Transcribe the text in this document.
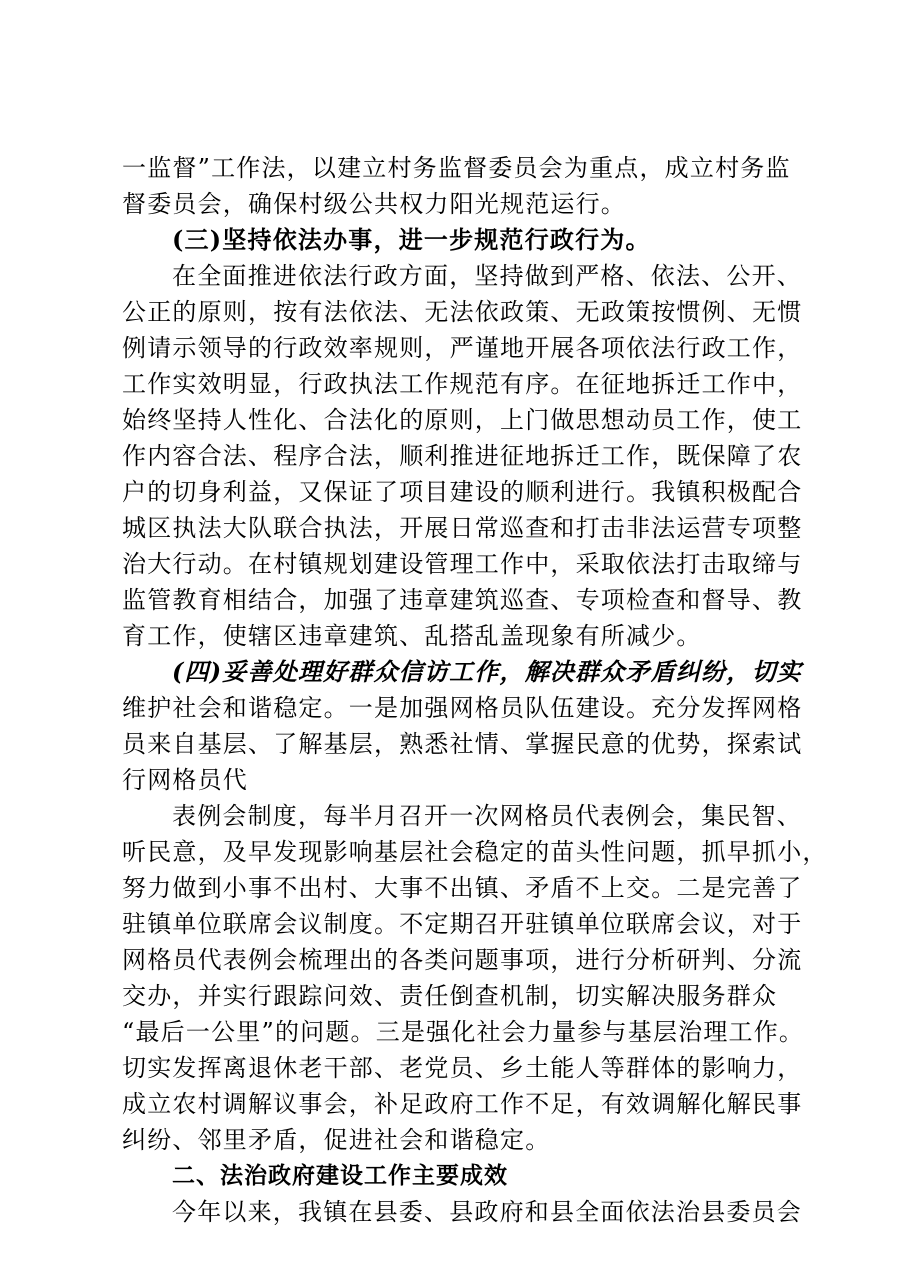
一监督”工作法，以建立村务监督委员会为重点，成立村务监
督委员会，确保村级公共权力阳光规范运行。
(三)坚持依法办事，进一步规范行政行为。
在全面推进依法行政方面，坚持做到严格、依法、公开、
公正的原则，按有法依法、无法依政策、无政策按惯例、无惯
例请示领导的行政效率规则，严谨地开展各项依法行政工作，
工作实效明显，行政执法工作规范有序。在征地拆迁工作中，
始终坚持人性化、合法化的原则，上门做思想动员工作，使工
作内容合法、程序合法，顺利推进征地拆迁工作，既保障了农
户的切身利益，又保证了项目建设的顺利进行。我镇积极配合
城区执法大队联合执法，开展日常巡查和打击非法运营专项整
治大行动。在村镇规划建设管理工作中，采取依法打击取缔与
监管教育相结合，加强了违章建筑巡查、专项检查和督导、教
育工作，使辖区违章建筑、乱搭乱盖现象有所减少。
(四)妥善处理好群众信访工作，解决群众矛盾纠纷，切实
维护社会和谐稳定。一是加强网格员队伍建设。充分发挥网格
员来自基层、了解基层，熟悉社情、掌握民意的优势，探索试
行网格员代
表例会制度，每半月召开一次网格员代表例会，集民智、
听民意，及早发现影响基层社会稳定的苗头性问题，抓早抓小，
努力做到小事不出村、大事不出镇、矛盾不上交。二是完善了
驻镇单位联席会议制度。不定期召开驻镇单位联席会议，对于
网格员代表例会梳理出的各类问题事项，进行分析研判、分流
交办，并实行跟踪问效、责任倒查机制，切实解决服务群众
“最后一公里”的问题。三是强化社会力量参与基层治理工作。
切实发挥离退休老干部、老党员、乡土能人等群体的影响力，
成立农村调解议事会，补足政府工作不足，有效调解化解民事
纠纷、邻里矛盾，促进社会和谐稳定。
二、法治政府建设工作主要成效
今年以来，我镇在县委、县政府和县全面依法治县委员会
